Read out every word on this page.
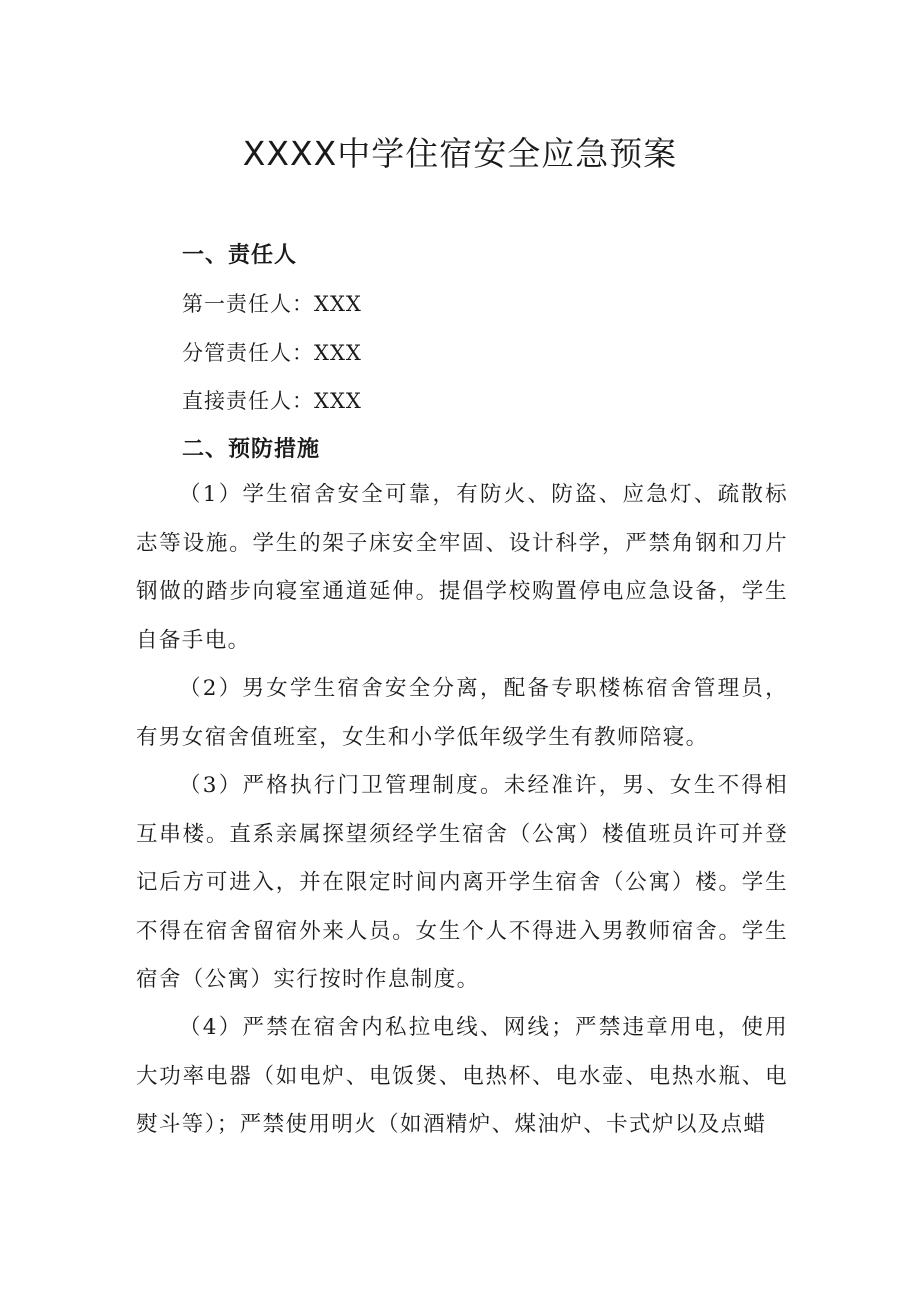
XXXX中学住宿安全应急预案
一、责任人

第一责任人：XXX

分管责任人：XXX

直接责任人：XXX

二、预防措施

（1）学生宿舍安全可靠，有防火、防盗、应急灯、疏散标志等设施。学生的架子床安全牢固、设计科学，严禁角钢和刀片钢做的踏步向寝室通道延伸。提倡学校购置停电应急设备，学生自备手电。

（2）男女学生宿舍安全分离，配备专职楼栋宿舍管理员，有男女宿舍值班室，女生和小学低年级学生有教师陪寝。

（3）严格执行门卫管理制度。未经准许，男、女生不得相互串楼。直系亲属探望须经学生宿舍（公寓）楼值班员许可并登记后方可进入，并在限定时间内离开学生宿舍（公寓）楼。学生不得在宿舍留宿外来人员。女生个人不得进入男教师宿舍。学生宿舍（公寓）实行按时作息制度。

（4）严禁在宿舍内私拉电线、网线；严禁违章用电，使用大功率电器（如电炉、电饭煲、电热杯、电水壶、电热水瓶、电熨斗等）；严禁使用明火（如酒精炉、煤油炉、卡式炉以及点蜡
